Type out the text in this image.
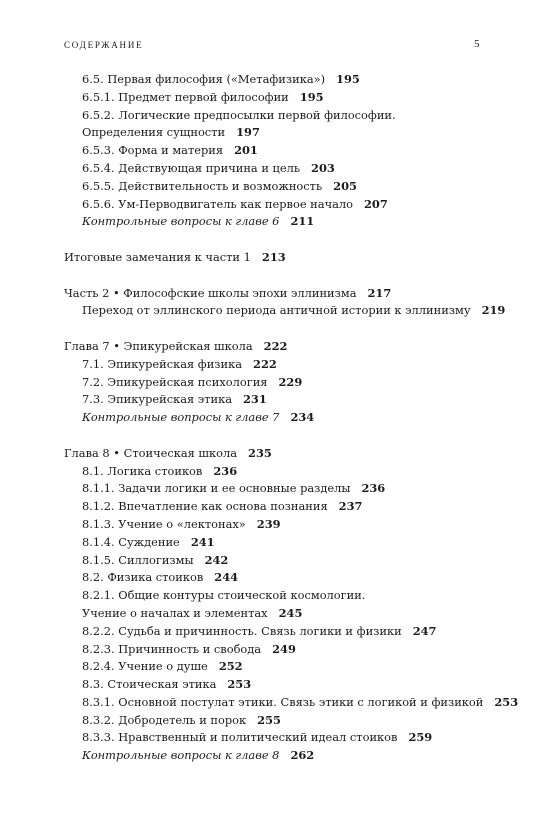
СОДЕРЖАНИЕ	5
6.5. Первая философия («Метафизика») 195
6.5.1. Предмет первой философии 195
6.5.2. Логические предпосылки первой философии.
Определения сущности 197
6.5.3. Форма и материя 201
6.5.4. Действующая причина и цель 203
6.5.5. Действительность и возможность 205
6.5.6. Ум-Перводвигатель как первое начало 207
Контрольные вопросы к главе 6 211
Итоговые замечания к части 1 213
Часть 2 • Философские школы эпохи эллинизма 217
Переход от эллинского периода античной истории к эллинизму 219
Глава 7 • Эпикурейская школа 222
7.1. Эпикурейская физика 222
7.2. Эпикурейская психология 229
7.3. Эпикурейская этика 231
Контрольные вопросы к главе 7 234
Глава 8 • Стоическая школа 235
8.1. Логика стоиков 236
8.1.1. Задачи логики и ее основные разделы 236
8.1.2. Впечатление как основа познания 237
8.1.3. Учение о «лектонах» 239
8.1.4. Суждение 241
8.1.5. Силлогизмы 242
8.2. Физика стоиков 244
8.2.1. Общие контуры стоической космологии.
Учение о началах и элементах 245
8.2.2. Судьба и причинность. Связь логики и физики 247
8.2.3. Причинность и свобода 249
8.2.4. Учение о душе 252
8.3. Стоическая этика 253
8.3.1. Основной постулат этики. Связь этики с логикой и физикой 253
8.3.2. Добродетель и порок 255
8.3.3. Нравственный и политический идеал стоиков 259
Контрольные вопросы к главе 8 262
